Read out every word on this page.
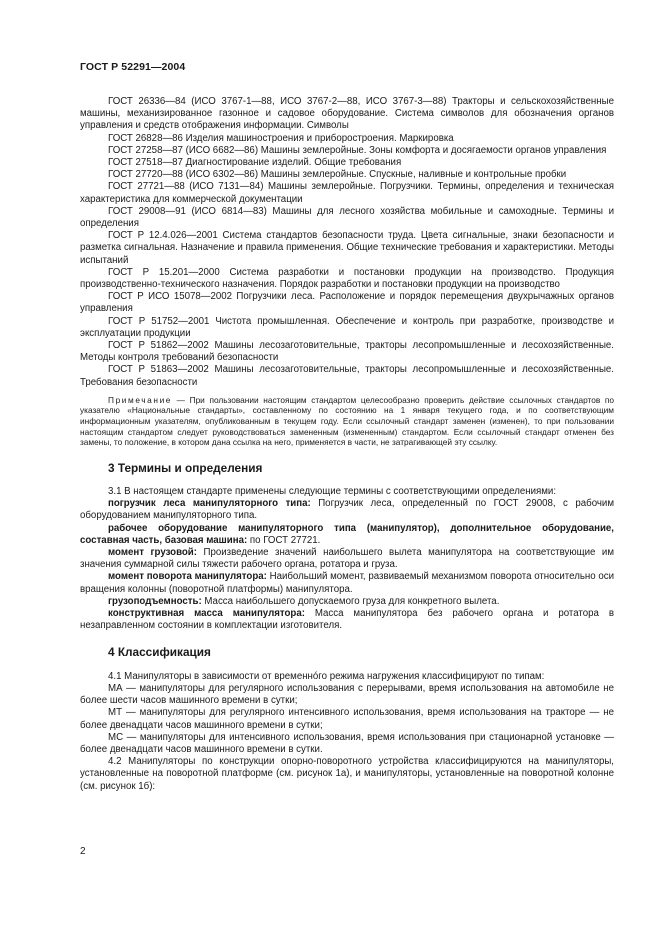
ГОСТ Р 52291—2004

ГОСТ 26336—84 (ИСО 3767-1—88, ИСО 3767-2—88, ИСО 3767-3—88) Тракторы и сельскохозяйственные машины, механизированное газонное и садовое оборудование. Система символов для обозначения органов управления и средств отображения информации. Символы

ГОСТ 26828—86 Изделия машиностроения и приборостроения. Маркировка

ГОСТ 27258—87 (ИСО 6682—86) Машины землеройные. Зоны комфорта и досягаемости органов управления

ГОСТ 27518—87 Диагностирование изделий. Общие требования

ГОСТ 27720—88 (ИСО 6302—86) Машины землеройные. Спускные, наливные и контрольные пробки

ГОСТ 27721—88 (ИСО 7131—84) Машины землеройные. Погрузчики. Термины, определения и техническая характеристика для коммерческой документации

ГОСТ 29008—91 (ИСО 6814—83) Машины для лесного хозяйства мобильные и самоходные. Термины и определения

ГОСТ Р 12.4.026—2001 Система стандартов безопасности труда. Цвета сигнальные, знаки безопасности и разметка сигнальная. Назначение и правила применения. Общие технические требования и характеристики. Методы испытаний

ГОСТ Р 15.201—2000 Система разработки и постановки продукции на производство. Продукция производственно-технического назначения. Порядок разработки и постановки продукции на производство

ГОСТ Р ИСО 15078—2002 Погрузчики леса. Расположение и порядок перемещения двухрычажных органов управления

ГОСТ Р 51752—2001 Чистота промышленная. Обеспечение и контроль при разработке, производстве и эксплуатации продукции

ГОСТ Р 51862—2002 Машины лесозаготовительные, тракторы лесопромышленные и лесохозяйственные. Методы контроля требований безопасности

ГОСТ Р 51863—2002 Машины лесозаготовительные, тракторы лесопромышленные и лесохозяйственные. Требования безопасности

Примечание — При пользовании настоящим стандартом целесообразно проверить действие ссылочных стандартов по указателю «Национальные стандарты», составленному по состоянию на 1 января текущего года, и по соответствующим информационным указателям, опубликованным в текущем году. Если ссылочный стандарт заменен (изменен), то при пользовании настоящим стандартом следует руководствоваться замененным (измененным) стандартом. Если ссылочный стандарт отменен без замены, то положение, в котором дана ссылка на него, применяется в части, не затрагивающей эту ссылку.

3 Термины и определения

3.1 В настоящем стандарте применены следующие термины с соответствующими определениями:

погрузчик леса манипуляторного типа: Погрузчик леса, определенный по ГОСТ 29008, с рабочим оборудованием манипуляторного типа.

рабочее оборудование манипуляторного типа (манипулятор), дополнительное оборудование, составная часть, базовая машина: по ГОСТ 27721.

момент грузовой: Произведение значений наибольшего вылета манипулятора на соответствующие им значения суммарной силы тяжести рабочего органа, ротатора и груза.

момент поворота манипулятора: Наибольший момент, развиваемый механизмом поворота относительно оси вращения колонны (поворотной платформы) манипулятора.

грузоподъемность: Масса наибольшего допускаемого груза для конкретного вылета.

конструктивная масса манипулятора: Масса манипулятора без рабочего органа и ротатора в незаправленном состоянии в комплектации изготовителя.

4 Классификация

4.1 Манипуляторы в зависимости от временнóго режима нагружения классифицируют по типам:

МА — манипуляторы для регулярного использования с перерывами, время использования на автомобиле не более шести часов машинного времени в сутки;

МТ — манипуляторы для регулярного интенсивного использования, время использования на тракторе — не более двенадцати часов машинного времени в сутки;

МС — манипуляторы для интенсивного использования, время использования при стационарной установке — более двенадцати часов машинного времени в сутки.

4.2 Манипуляторы по конструкции опорно-поворотного устройства классифицируются на манипуляторы, установленные на поворотной платформе (см. рисунок 1а), и манипуляторы, установленные на поворотной колонне (см. рисунок 1б):

2
